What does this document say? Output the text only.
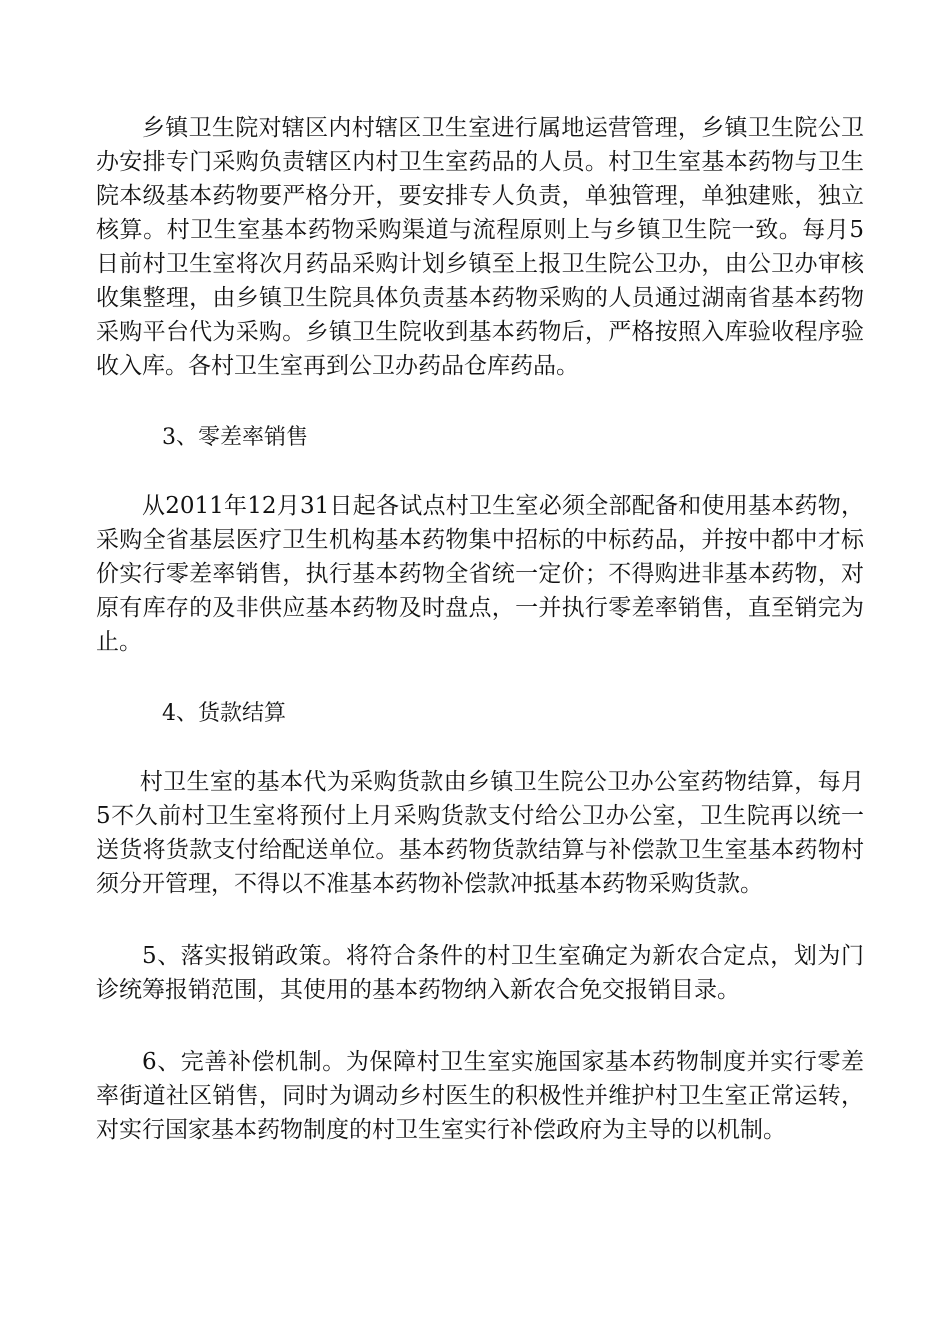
乡镇卫生院对辖区内村辖区卫生室进行属地运营管理，乡镇卫生院公卫办安排专门采购负责辖区内村卫生室药品的人员。村卫生室基本药物与卫生院本级基本药物要严格分开，要安排专人负责，单独管理，单独建账，独立核算。村卫生室基本药物采购渠道与流程原则上与乡镇卫生院一致。每月5日前村卫生室将次月药品采购计划乡镇至上报卫生院公卫办，由公卫办审核收集整理，由乡镇卫生院具体负责基本药物采购的人员通过湖南省基本药物采购平台代为采购。乡镇卫生院收到基本药物后，严格按照入库验收程序验收入库。各村卫生室再到公卫办药品仓库药品。

3、零差率销售

从2011年12月31日起各试点村卫生室必须全部配备和使用基本药物，采购全省基层医疗卫生机构基本药物集中招标的中标药品，并按中都中才标价实行零差率销售，执行基本药物全省统一定价；不得购进非基本药物，对原有库存的及非供应基本药物及时盘点，一并执行零差率销售，直至销完为止。

4、货款结算

村卫生室的基本代为采购货款由乡镇卫生院公卫办公室药物结算，每月5不久前村卫生室将预付上月采购货款支付给公卫办公室，卫生院再以统一送货将货款支付给配送单位。基本药物货款结算与补偿款卫生室基本药物村须分开管理，不得以不准基本药物补偿款冲抵基本药物采购货款。

5、落实报销政策。将符合条件的村卫生室确定为新农合定点，划为门诊统筹报销范围，其使用的基本药物纳入新农合免交报销目录。

6、完善补偿机制。为保障村卫生室实施国家基本药物制度并实行零差率街道社区销售，同时为调动乡村医生的积极性并维护村卫生室正常运转，对实行国家基本药物制度的村卫生室实行补偿政府为主导的以机制。
